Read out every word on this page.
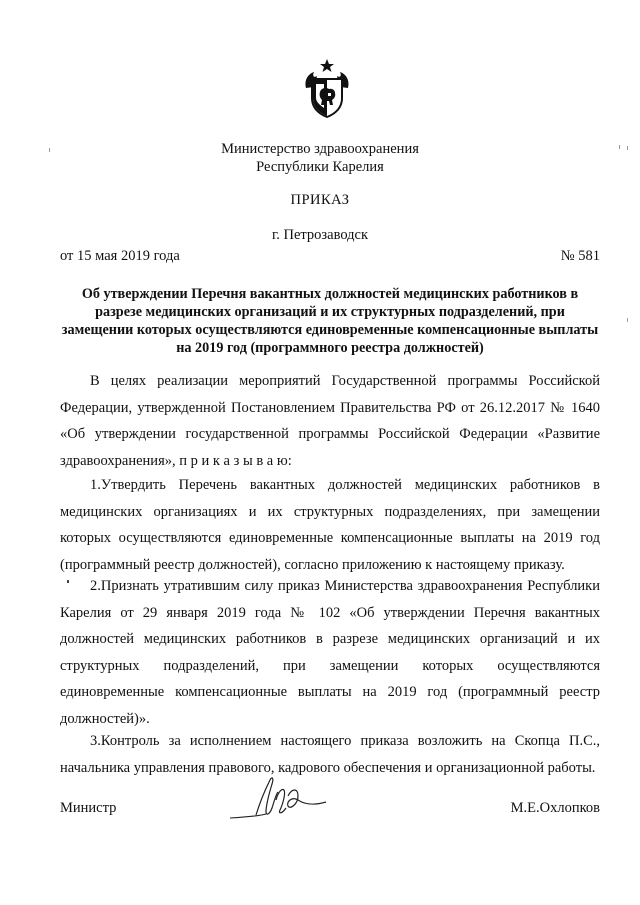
Министерство здравоохранения
Республики Карелия
ПРИКАЗ
г. Петрозаводск
от 15 мая 2019 года	№ 581
Об утверждении Перечня вакантных должностей медицинских работников в разрезе медицинских организаций и их структурных подразделений, при замещении которых осуществляются единовременные компенсационные выплаты на 2019 год (программного реестра должностей)
В целях реализации мероприятий Государственной программы Российской Федерации, утвержденной Постановлением Правительства РФ от 26.12.2017 № 1640 «Об утверждении государственной программы Российской Федерации «Развитие здравоохранения», п р и к а з ы в а ю:
1.Утвердить Перечень вакантных должностей медицинских работников в медицинских организациях и их структурных подразделениях, при замещении которых осуществляются единовременные компенсационные выплаты на 2019 год (программный реестр должностей), согласно приложению к настоящему приказу.
2.Признать утратившим силу приказ Министерства здравоохранения Республики Карелия от 29 января 2019 года № 102 «Об утверждении Перечня вакантных должностей медицинских работников в разрезе медицинских организаций и их структурных подразделений, при замещении которых осуществляются единовременные компенсационные выплаты на 2019 год (программный реестр должностей)».
3.Контроль за исполнением настоящего приказа возложить на Скопца П.С., начальника управления правового, кадрового обеспечения и организационной работы.
Министр	М.Е.Охлопков
